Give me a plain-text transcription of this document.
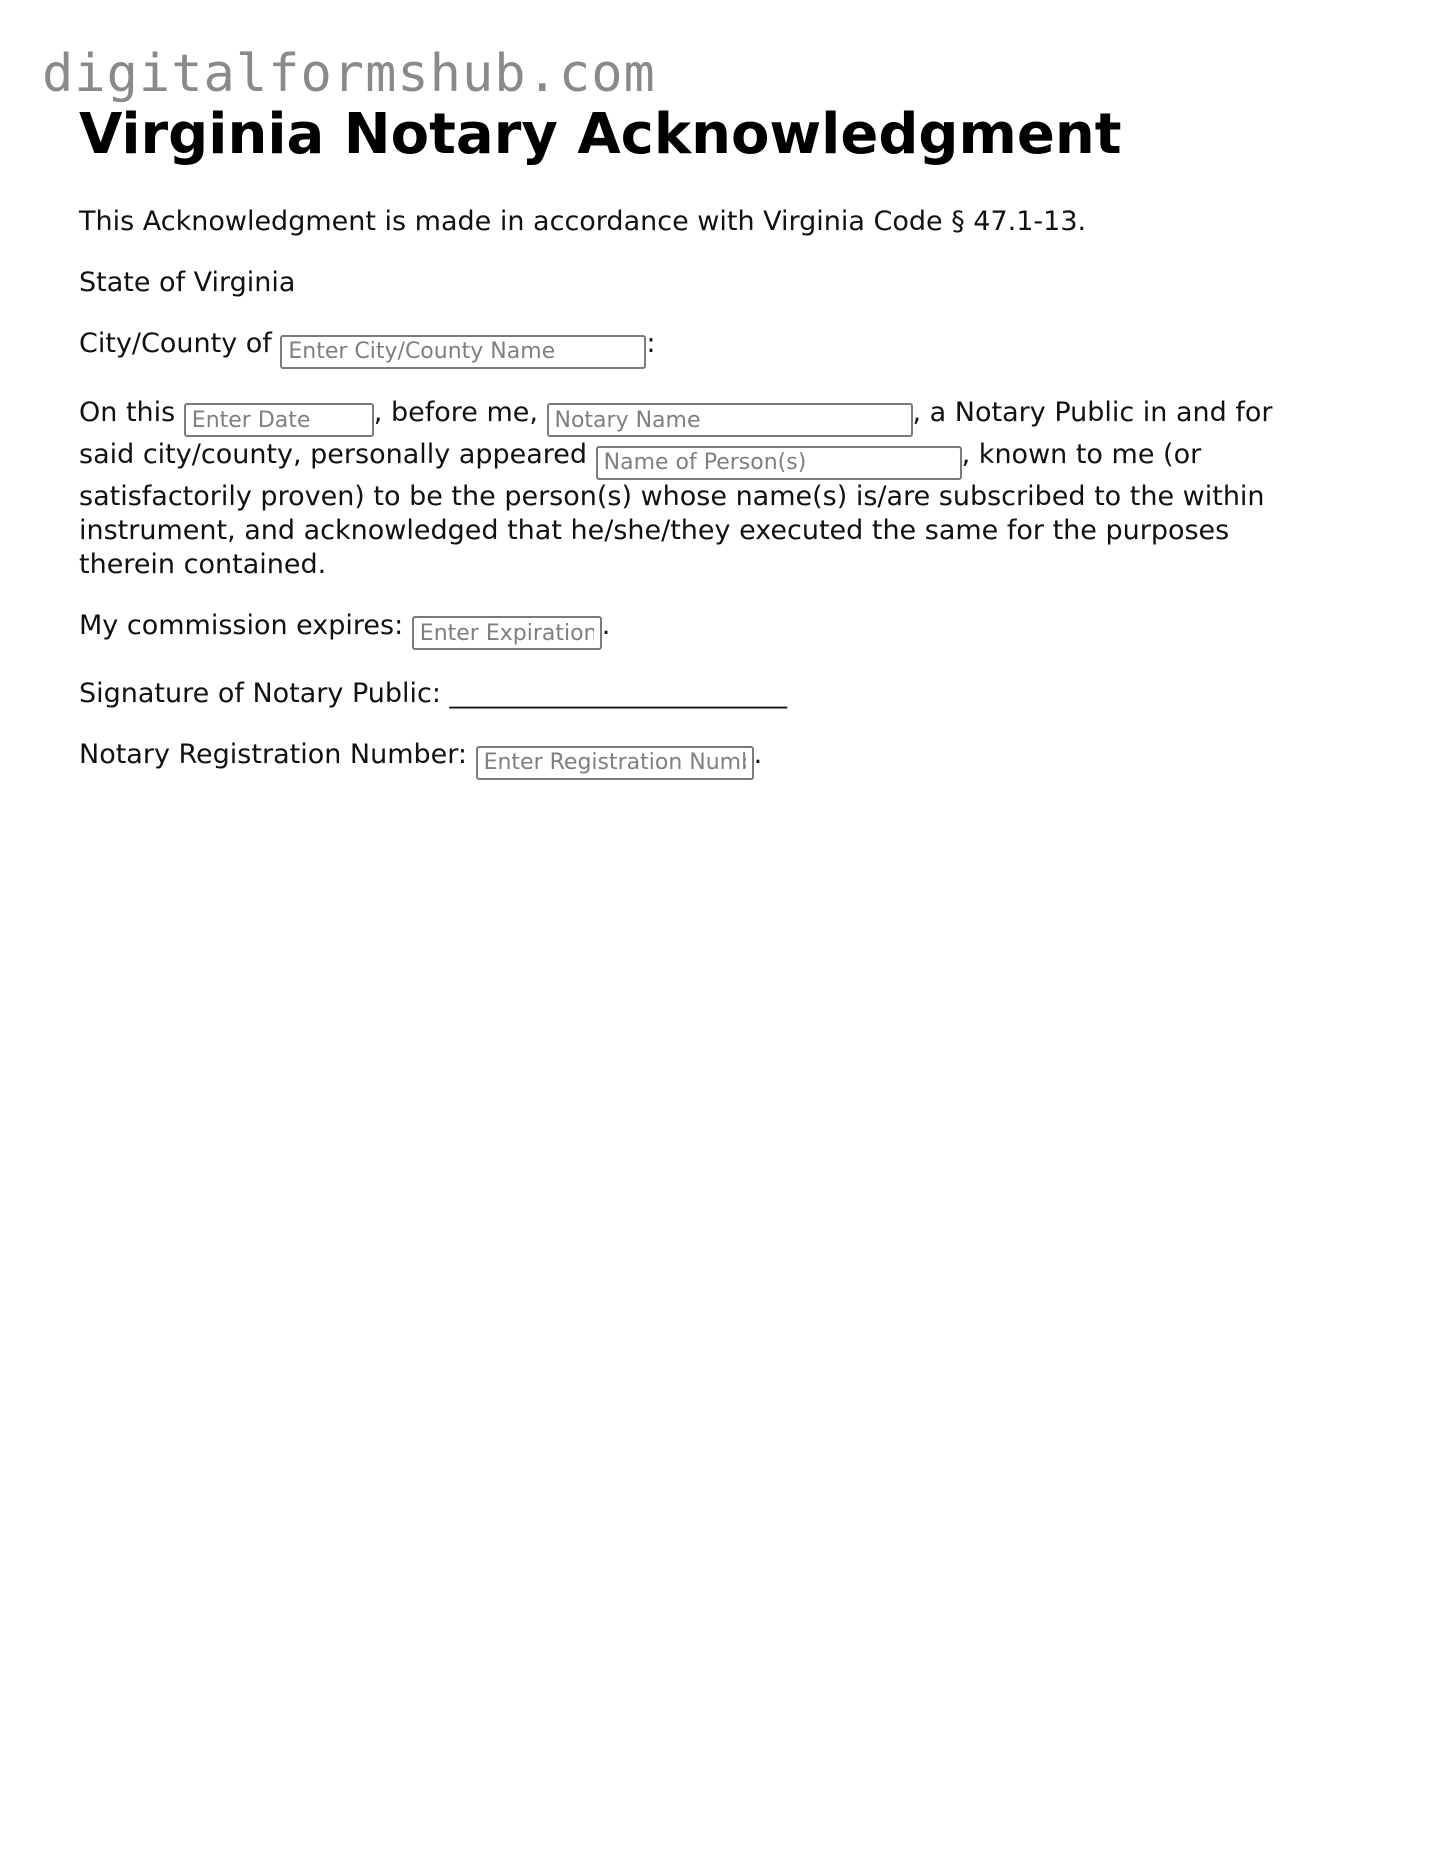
digitalformshub.com
Virginia Notary Acknowledgment

This Acknowledgment is made in accordance with Virginia Code § 47.1-13.

State of Virginia

City/County of Enter City/County Name	:

On this Enter Date	, before me, Notary Name	, a Notary Public in and for
said city/county, personally appeared Name of Person(s)	, known to me (or
satisfactorily proven) to be the person(s) whose name(s) is/are subscribed to the within instrument, and acknowledged that he/she/they executed the same for the purposes therein contained.

My commission expires: Enter Expiration Date	.

Signature of Notary Public: _________________________

Notary Registration Number: Enter Registration Number	.
